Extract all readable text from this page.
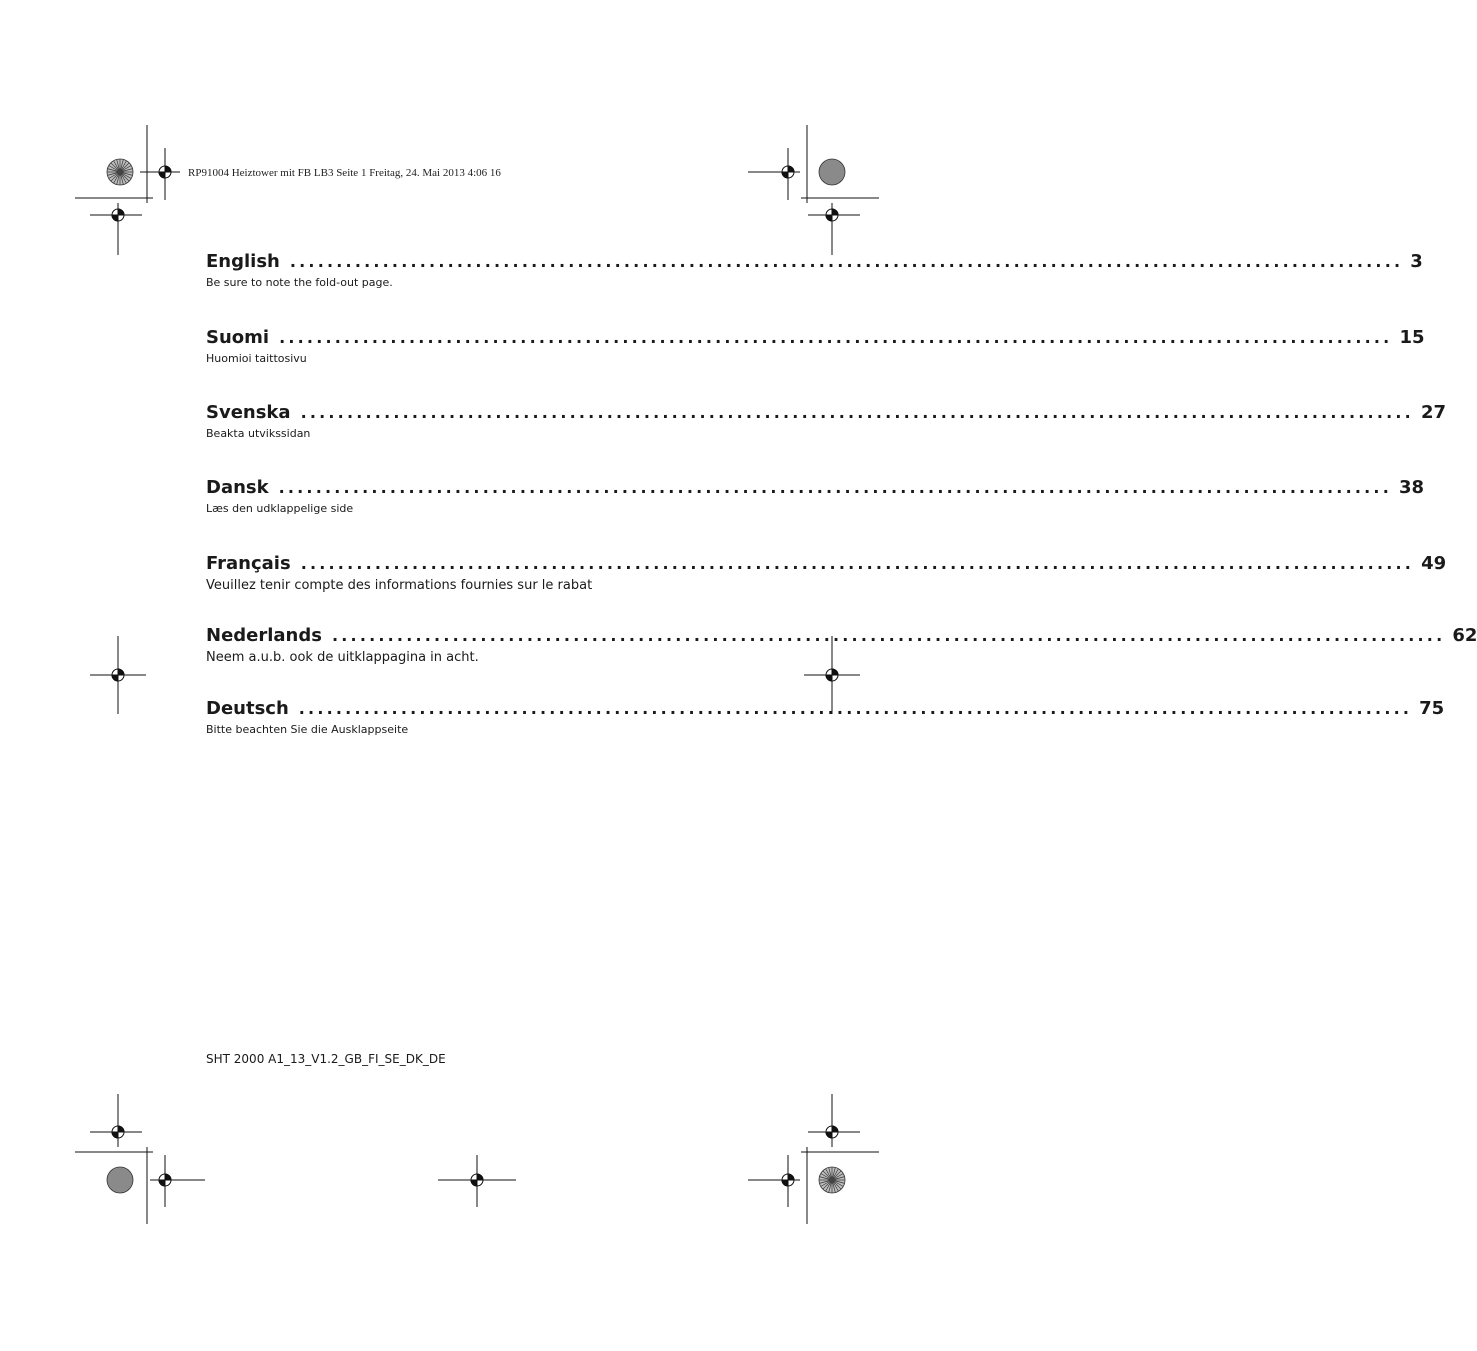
RP91004 Heiztower mit FB LB3 Seite 1 Freitag, 24. Mai 2013 4:06 16
English ........................................................................................................................ 3
Be sure to note the fold-out page.
Suomi ........................................................................................................................ 15
Huomioi taittosivu
Svenska ........................................................................................................................ 27
Beakta utvikssidan
Dansk ........................................................................................................................ 38
Læs den udklappelige side
Français ........................................................................................................................ 49
Veuillez tenir compte des informations fournies sur le rabat
Nederlands ........................................................................................................................ 62
Neem a.u.b. ook de uitklappagina in acht.
Deutsch ........................................................................................................................ 75
Bitte beachten Sie die Ausklappseite
SHT 2000 A1_13_V1.2_GB_FI_SE_DK_DE
